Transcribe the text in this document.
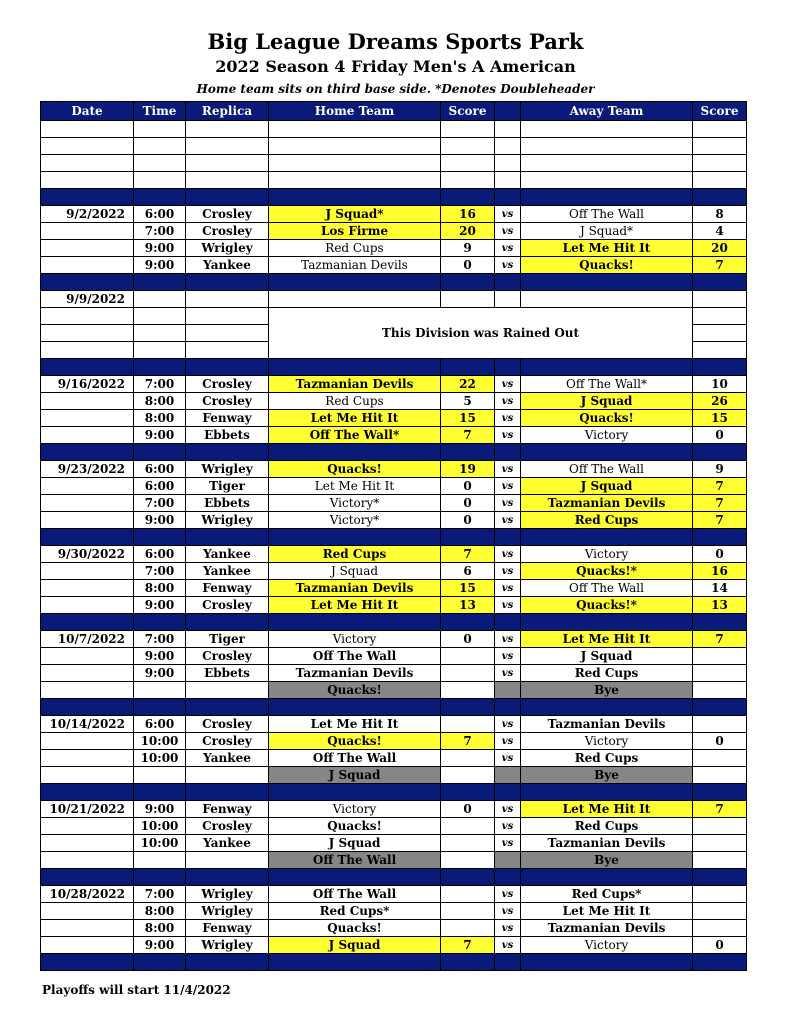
Big League Dreams Sports Park
2022 Season 4 Friday Men's A American
Home team sits on third base side. *Denotes Doubleheader
Date	Time	Replica	Home Team	Score		Away Team	Score

9/2/2022	6:00	Crosley	J Squad*	16	vs	Off The Wall	8
	7:00	Crosley	Los Firme	20	vs	J Squad*	4
	9:00	Wrigley	Red Cups	9	vs	Let Me Hit It	20
	9:00	Yankee	Tazmanian Devils	0	vs	Quacks!	7

9/9/2022							
			This Division was Rained Out				

9/16/2022	7:00	Crosley	Tazmanian Devils	22	vs	Off The Wall*	10
	8:00	Crosley	Red Cups	5	vs	J Squad	26
	8:00	Fenway	Let Me Hit It	15	vs	Quacks!	15
	9:00	Ebbets	Off The Wall*	7	vs	Victory	0

9/23/2022	6:00	Wrigley	Quacks!	19	vs	Off The Wall	9
	6:00	Tiger	Let Me Hit It	0	vs	J Squad	7
	7:00	Ebbets	Victory*	0	vs	Tazmanian Devils	7
	9:00	Wrigley	Victory*	0	vs	Red Cups	7

9/30/2022	6:00	Yankee	Red Cups	7	vs	Victory	0
	7:00	Yankee	J Squad	6	vs	Quacks!*	16
	8:00	Fenway	Tazmanian Devils	15	vs	Off The Wall	14
	9:00	Crosley	Let Me Hit It	13	vs	Quacks!*	13

10/7/2022	7:00	Tiger	Victory	0	vs	Let Me Hit It	7
	9:00	Crosley	Off The Wall		vs	J Squad	
	9:00	Ebbets	Tazmanian Devils		vs	Red Cups	
			Quacks!			Bye	

10/14/2022	6:00	Crosley	Let Me Hit It		vs	Tazmanian Devils	
	10:00	Crosley	Quacks!	7	vs	Victory	0
	10:00	Yankee	Off The Wall		vs	Red Cups	
			J Squad			Bye	

10/21/2022	9:00	Fenway	Victory	0	vs	Let Me Hit It	7
	10:00	Crosley	Quacks!		vs	Red Cups	
	10:00	Yankee	J Squad		vs	Tazmanian Devils	
			Off The Wall			Bye	

10/28/2022	7:00	Wrigley	Off The Wall		vs	Red Cups*	
	8:00	Wrigley	Red Cups*		vs	Let Me Hit It	
	8:00	Fenway	Quacks!		vs	Tazmanian Devils	
	9:00	Wrigley	J Squad	7	vs	Victory	0

Playoffs will start 11/4/2022
